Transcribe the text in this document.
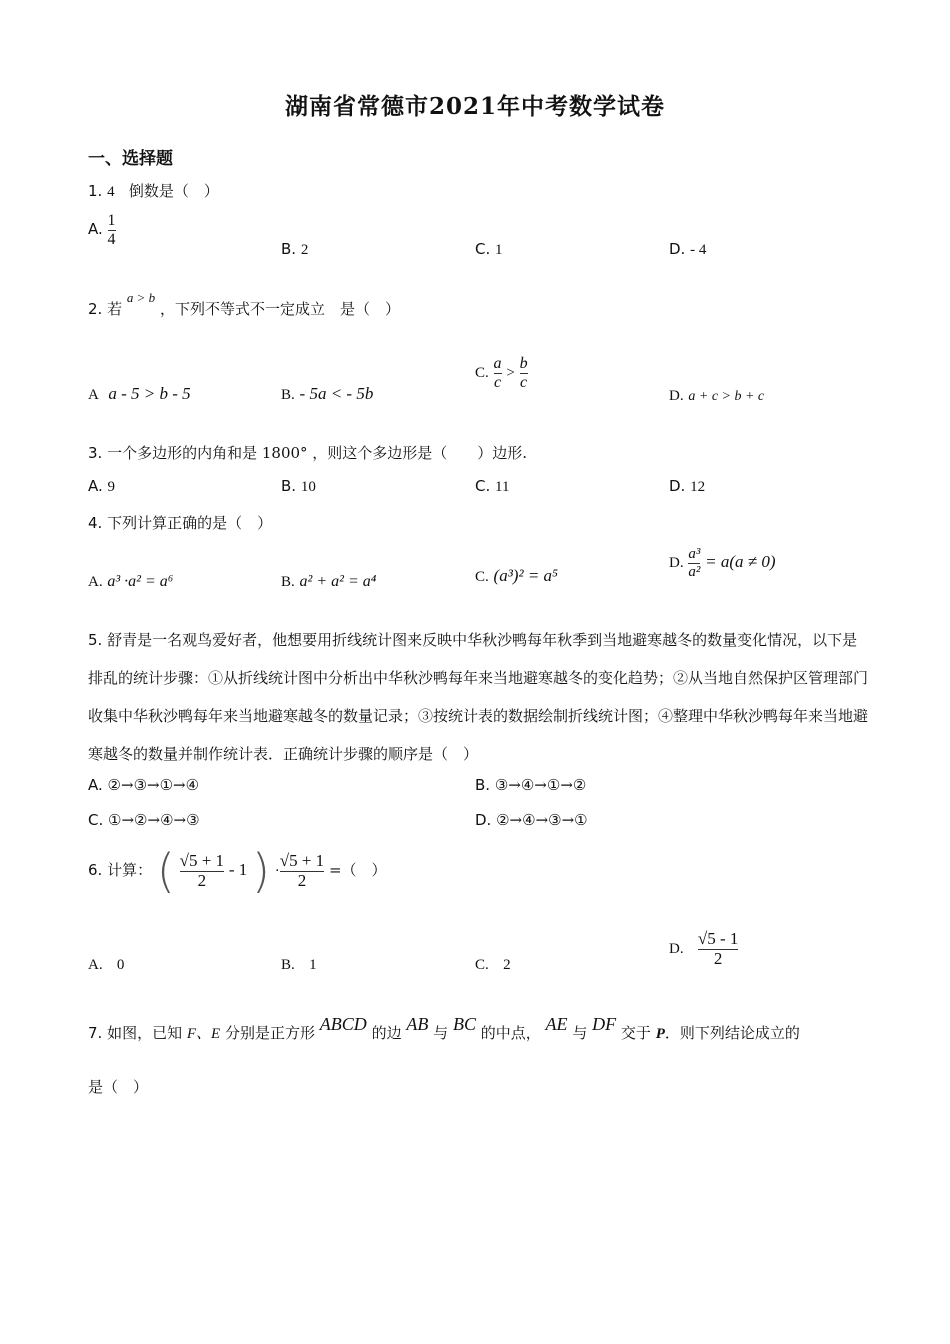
湖南省常德市2021年中考数学试卷
一、选择题
1. 4 倒数是（　）
A. $\frac{1}{4}$
B. 2	C. 1	D. - 4
2. 若 a > b ，下列不等式不一定成立　是（　）
A a - 5 > b - 5	B. - 5a < - 5b
C. $\frac{a}{c} > \frac{b}{c}$
D. a + c > b + c
3. 一个多边形的内角和是 1800° ，则这个多边形是（　　）边形.
A. 9	B. 10	C. 11	D. 12
4. 下列计算正确的是（　）
A. a³ ·a² = a⁶	B. a² + a² = a⁴	C. (a³)² = a⁵
D. $\frac{\text{a³}}{\text{a²}} = a(a \ne 0)$
5. 舒青是一名观鸟爱好者，他想要用折线统计图来反映中华秋沙鸭每年秋季到当地避寒越冬的数量变化情况，以下是排乱的统计步骤：①从折线统计图中分析出中华秋沙鸭每年来当地避寒越冬的变化趋势；②从当地自然保护区管理部门收集中华秋沙鸭每年来当地避寒越冬的数量记录；③按统计表的数据绘制折线统计图；④整理中华秋沙鸭每年来当地避寒越冬的数量并制作统计表．正确统计步骤的顺序是（　）
A. ②→③→①→④	B. ③→④→①→②
C. ①→②→④→③	D. ②→④→③→①
6. 计算： ( $\frac{√5 + 1}{2} - 1$ ) · $\frac{√5 + 1}{2}$ =（　）
A. 0	B. 1	C. 2
D. $\frac{√5 - 1}{2}$
7. 如图，已知 F、E 分别是正方形 ABCD 的边 AB 与 BC 的中点， AE 与 DF 交于 P．则下列结论成立的
是（　）
